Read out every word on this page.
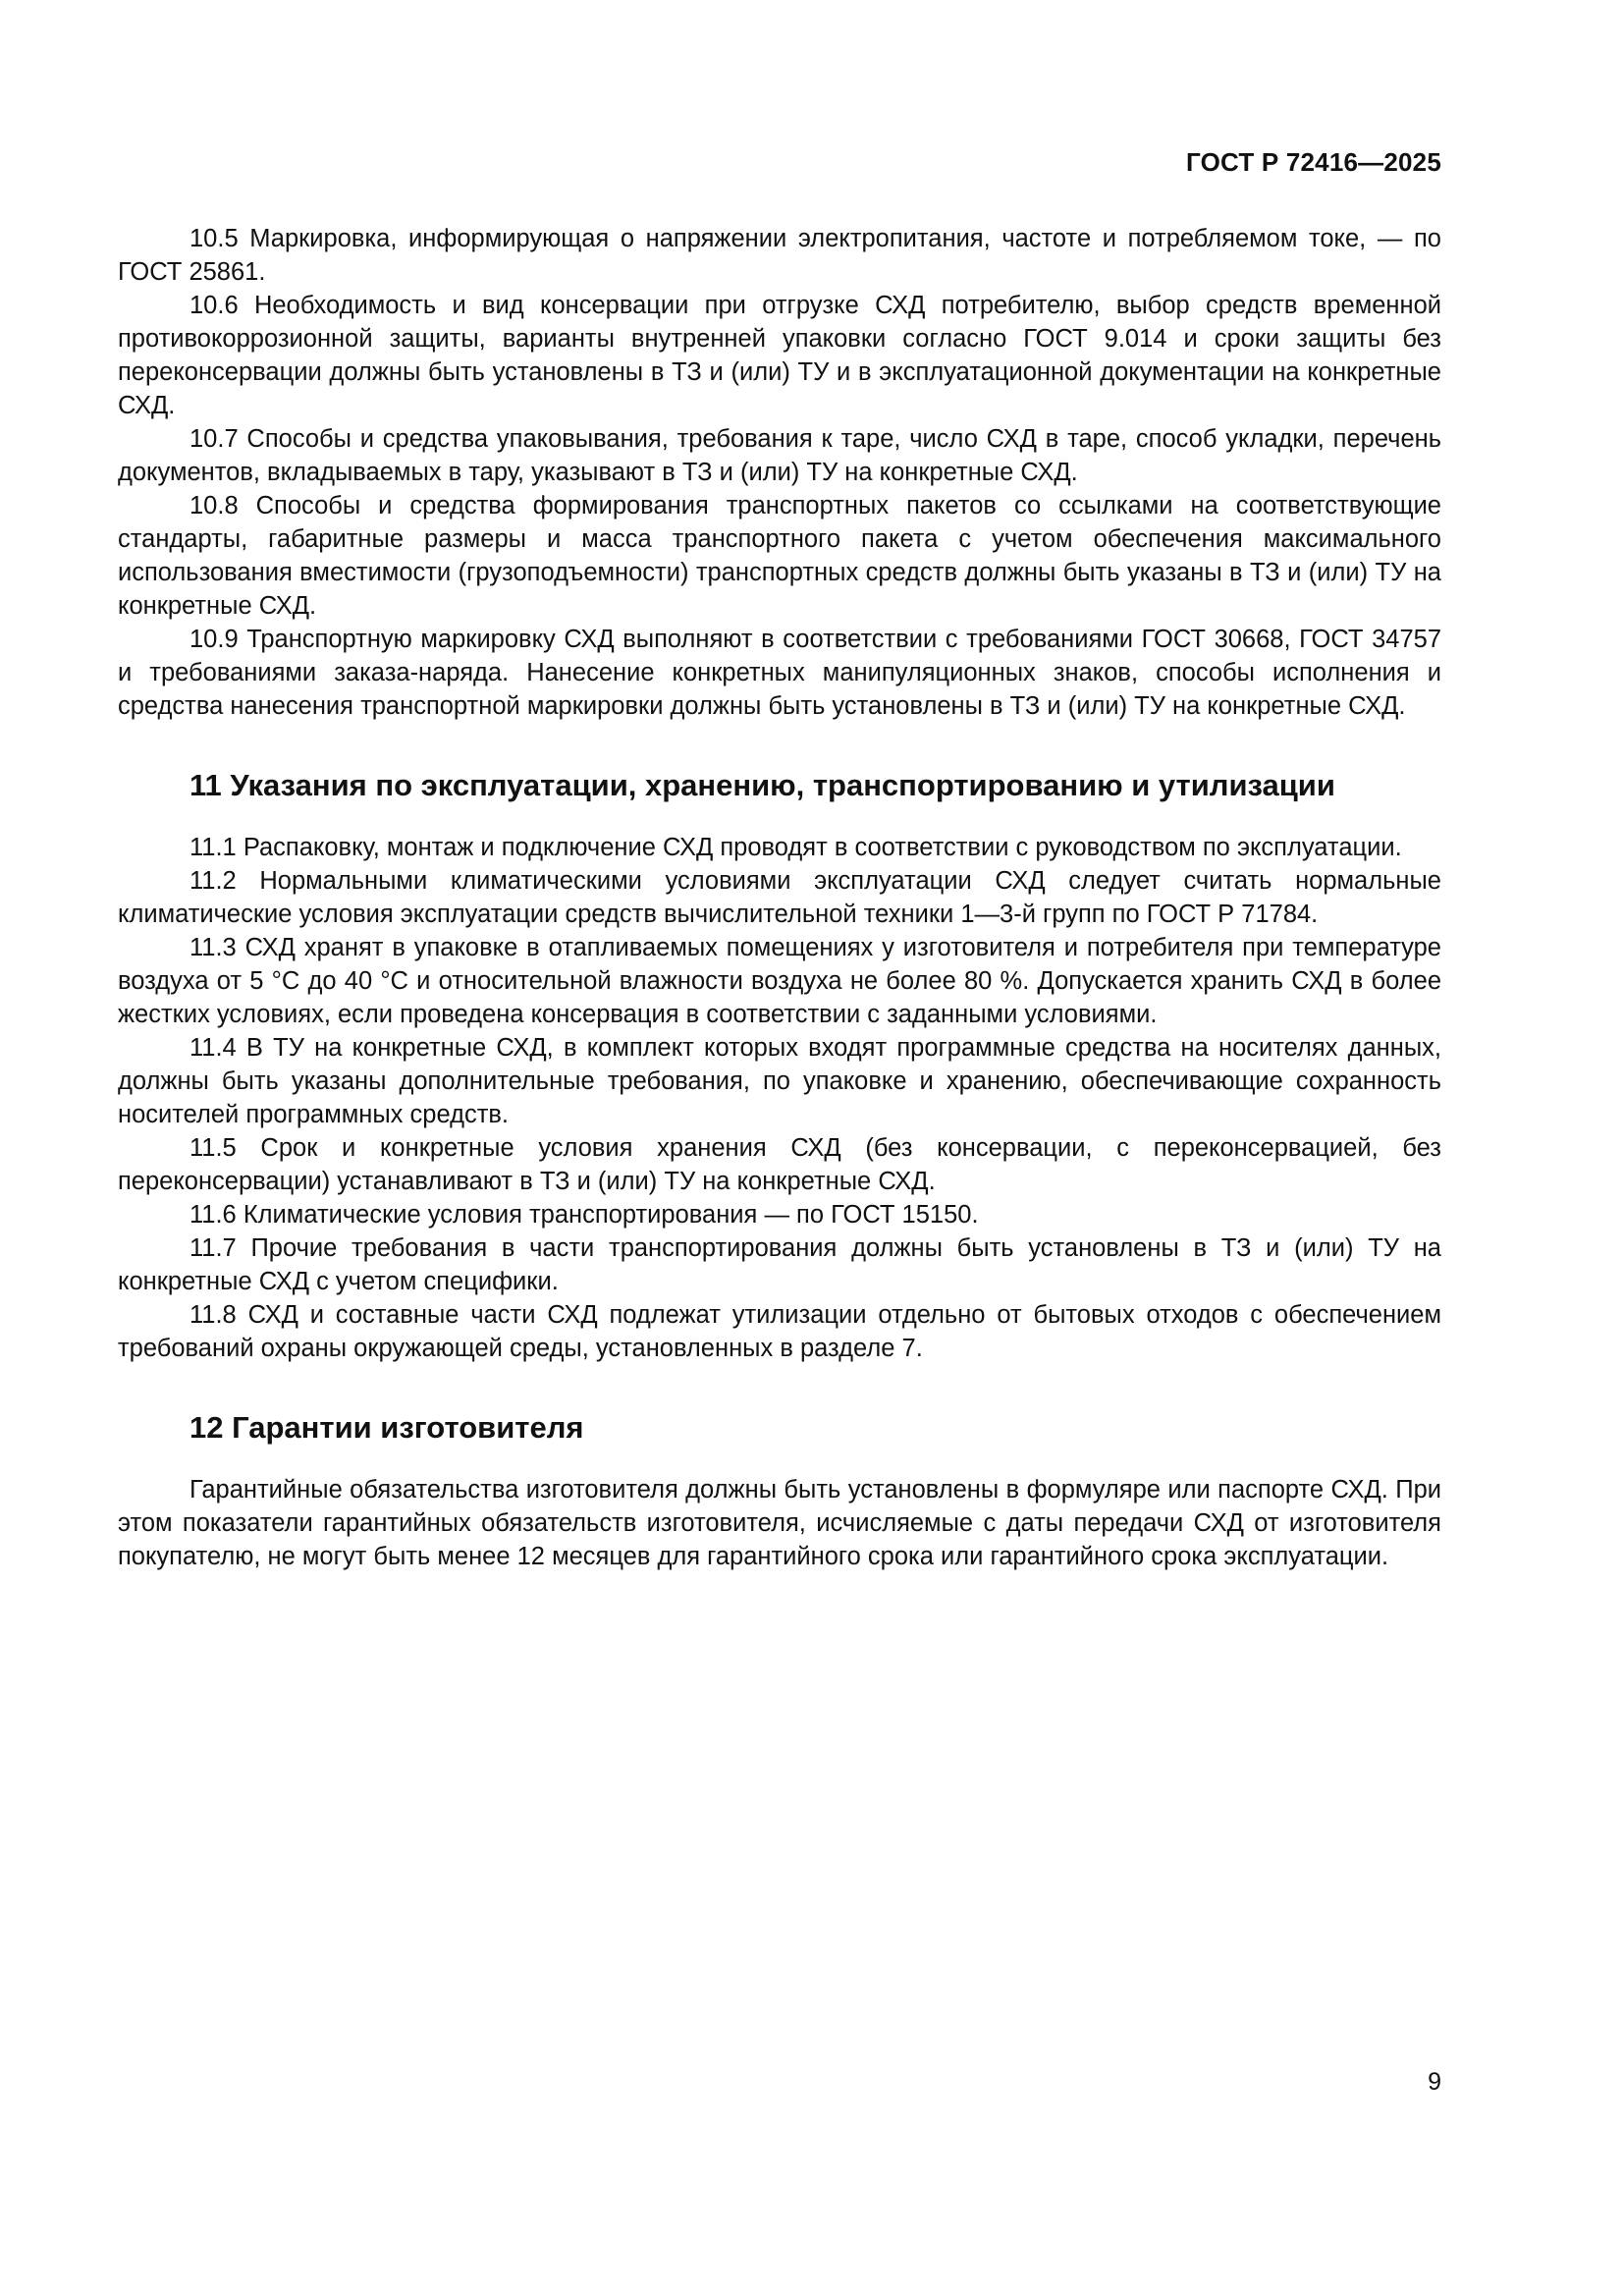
ГОСТ Р 72416—2025

10.5 Маркировка, информирующая о напряжении электропитания, частоте и потребляемом токе, — по ГОСТ 25861.

10.6 Необходимость и вид консервации при отгрузке СХД потребителю, выбор средств временной противокоррозионной защиты, варианты внутренней упаковки согласно ГОСТ 9.014 и сроки защиты без переконсервации должны быть установлены в ТЗ и (или) ТУ и в эксплуатационной документации на конкретные СХД.

10.7 Способы и средства упаковывания, требования к таре, число СХД в таре, способ укладки, перечень документов, вкладываемых в тару, указывают в ТЗ и (или) ТУ на конкретные СХД.

10.8 Способы и средства формирования транспортных пакетов со ссылками на соответствующие стандарты, габаритные размеры и масса транспортного пакета с учетом обеспечения максимального использования вместимости (грузоподъемности) транспортных средств должны быть указаны в ТЗ и (или) ТУ на конкретные СХД.

10.9 Транспортную маркировку СХД выполняют в соответствии с требованиями ГОСТ 30668, ГОСТ 34757 и требованиями заказа-наряда. Нанесение конкретных манипуляционных знаков, способы исполнения и средства нанесения транспортной маркировки должны быть установлены в ТЗ и (или) ТУ на конкретные СХД.

11 Указания по эксплуатации, хранению, транспортированию и утилизации

11.1 Распаковку, монтаж и подключение СХД проводят в соответствии с руководством по эксплуатации.

11.2 Нормальными климатическими условиями эксплуатации СХД следует считать нормальные климатические условия эксплуатации средств вычислительной техники 1—3-й групп по ГОСТ Р 71784.

11.3 СХД хранят в упаковке в отапливаемых помещениях у изготовителя и потребителя при температуре воздуха от 5 °С до 40 °С и относительной влажности воздуха не более 80 %. Допускается хранить СХД в более жестких условиях, если проведена консервация в соответствии с заданными условиями.

11.4 В ТУ на конкретные СХД, в комплект которых входят программные средства на носителях данных, должны быть указаны дополнительные требования, по упаковке и хранению, обеспечивающие сохранность носителей программных средств.

11.5 Срок и конкретные условия хранения СХД (без консервации, с переконсервацией, без переконсервации) устанавливают в ТЗ и (или) ТУ на конкретные СХД.

11.6 Климатические условия транспортирования — по ГОСТ 15150.

11.7 Прочие требования в части транспортирования должны быть установлены в ТЗ и (или) ТУ на конкретные СХД с учетом специфики.

11.8 СХД и составные части СХД подлежат утилизации отдельно от бытовых отходов с обеспечением требований охраны окружающей среды, установленных в разделе 7.

12 Гарантии изготовителя

Гарантийные обязательства изготовителя должны быть установлены в формуляре или паспорте СХД. При этом показатели гарантийных обязательств изготовителя, исчисляемые с даты передачи СХД от изготовителя покупателю, не могут быть менее 12 месяцев для гарантийного срока или гарантийного срока эксплуатации.

9
